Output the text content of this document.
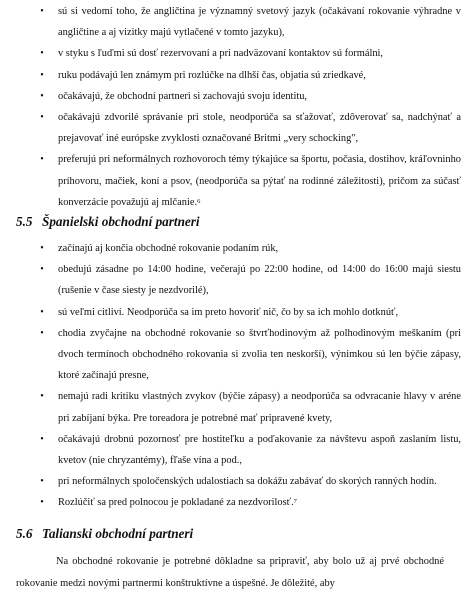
• sú si vedomí toho, že angličtina je významný svetový jazyk (očakávaní rokovanie výhradne v angličtine a aj vizitky majú vytlačené v tomto jazyku),
• v styku s ľuďmi sú dosť rezervovaní a pri nadväzovaní kontaktov sú formálni,
• ruku podávajú len známym pri rozlúčke na dlhší čas, objatia sú zriedkavé,
• očakávajú, že obchodní partneri si zachovajú svoju identitu,
• očakávajú zdvorilé správanie pri stole, neodporúča sa sťažovať, zdôverovať sa, nadchýnať a prejavovať iné európske zvyklosti označované Britmi „very schocking",
• preferujú pri neformálnych rozhovoroch témy týkajúce sa športu, počasia, dostihov, kráľovninho príhovoru, mačiek, koní a psov, (neodporúča sa pýtať na rodinné záležitosti), pričom za súčasť konverzácie považujú aj mlčanie.$^6$
5.5 Španielski obchodní partneri
• začínajú aj končia obchodné rokovanie podaním rúk,
• obedujú zásadne po 14:00 hodine, večerajú po 22:00 hodine, od 14:00 do 16:00 majú siestu (rušenie v čase siesty je nezdvorilé),
• sú veľmi citliví. Neodporúča sa im preto hovoriť nič, čo by sa ich mohlo dotknúť,
• chodia zvyčajne na obchodné rokovanie so štvrťhodinovým až polhodinovým meškaním (pri dvoch termínoch obchodného rokovania si zvolia ten neskorší), výnimkou sú len býčie zápasy, ktoré začínajú presne,
• nemajú radi kritiku vlastných zvykov (býčie zápasy) a neodporúča sa odvracanie hlavy v aréne pri zabíjaní býka. Pre toreadora je potrebné mať pripravené kvety,
• očakávajú drobnú pozornosť pre hostiteľku a poďakovanie za návštevu aspoň zaslaním listu, kvetov (nie chryzantémy), fľaše vína a pod.,
• pri neformálnych spoločenských udalostiach sa dokážu zabávať do skorých ranných hodín.
• Rozlúčiť sa pred polnocou je pokladané za nezdvorilosť.$^7$
5.6 Talianski obchodní partneri

Na obchodné rokovanie je potrebné dôkladne sa pripraviť, aby bolo už aj prvé obchodné rokovanie medzi novými partnermi konštruktívne a úspešné. Je dôležité, aby
